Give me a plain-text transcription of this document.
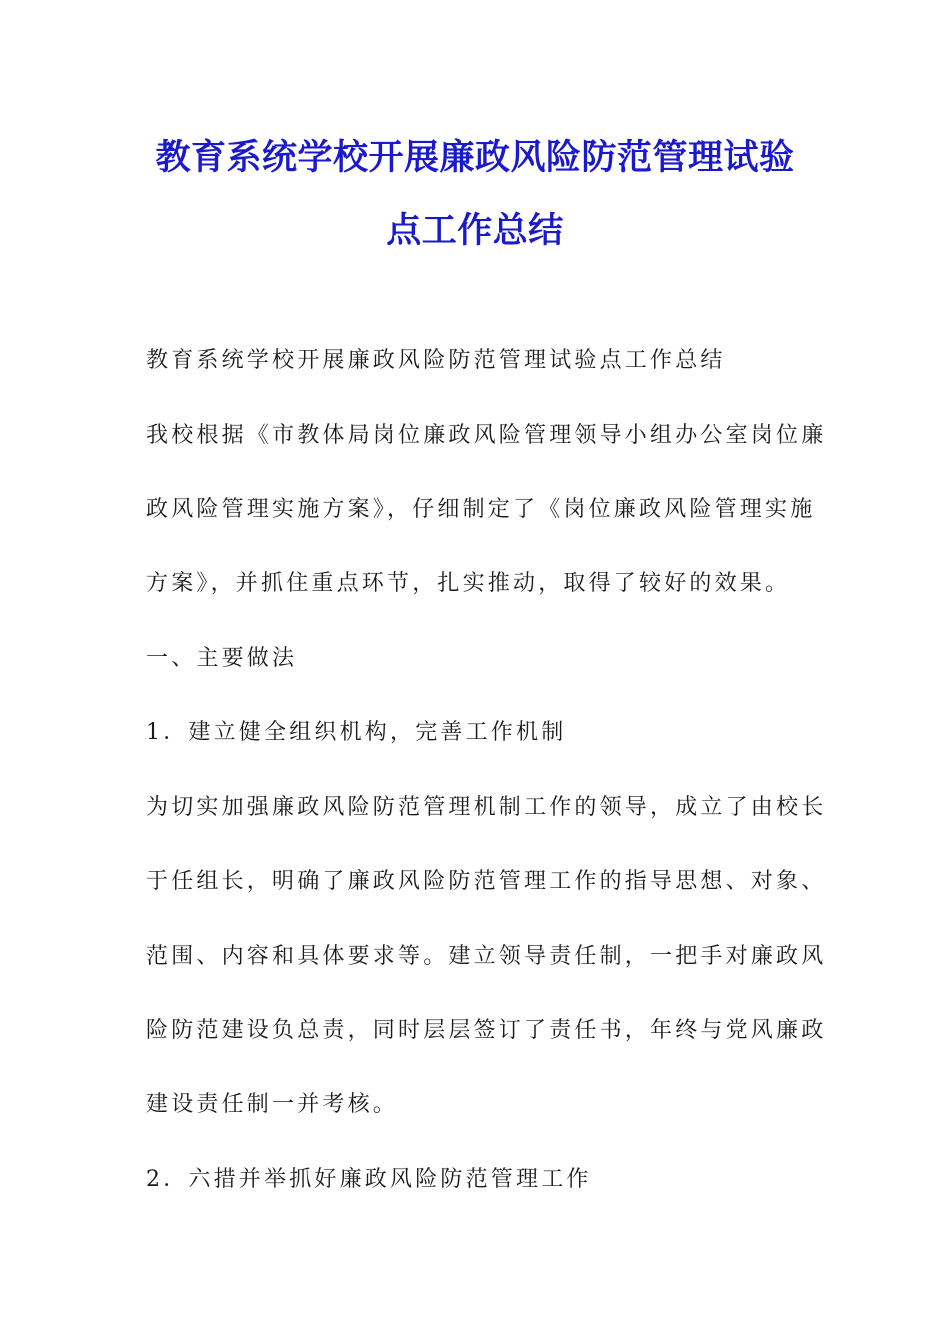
教育系统学校开展廉政风险防范管理试验
点工作总结
教育系统学校开展廉政风险防范管理试验点工作总结
我校根据《市教体局岗位廉政风险管理领导小组办公室岗位廉
政风险管理实施方案》，仔细制定了《岗位廉政风险管理实施
方案》，并抓住重点环节，扎实推动，取得了较好的效果。
一、主要做法
1．建立健全组织机构，完善工作机制
为切实加强廉政风险防范管理机制工作的领导，成立了由校长
于任组长，明确了廉政风险防范管理工作的指导思想、对象、
范围、内容和具体要求等。建立领导责任制，一把手对廉政风
险防范建设负总责，同时层层签订了责任书，年终与党风廉政
建设责任制一并考核。
2．六措并举抓好廉政风险防范管理工作
